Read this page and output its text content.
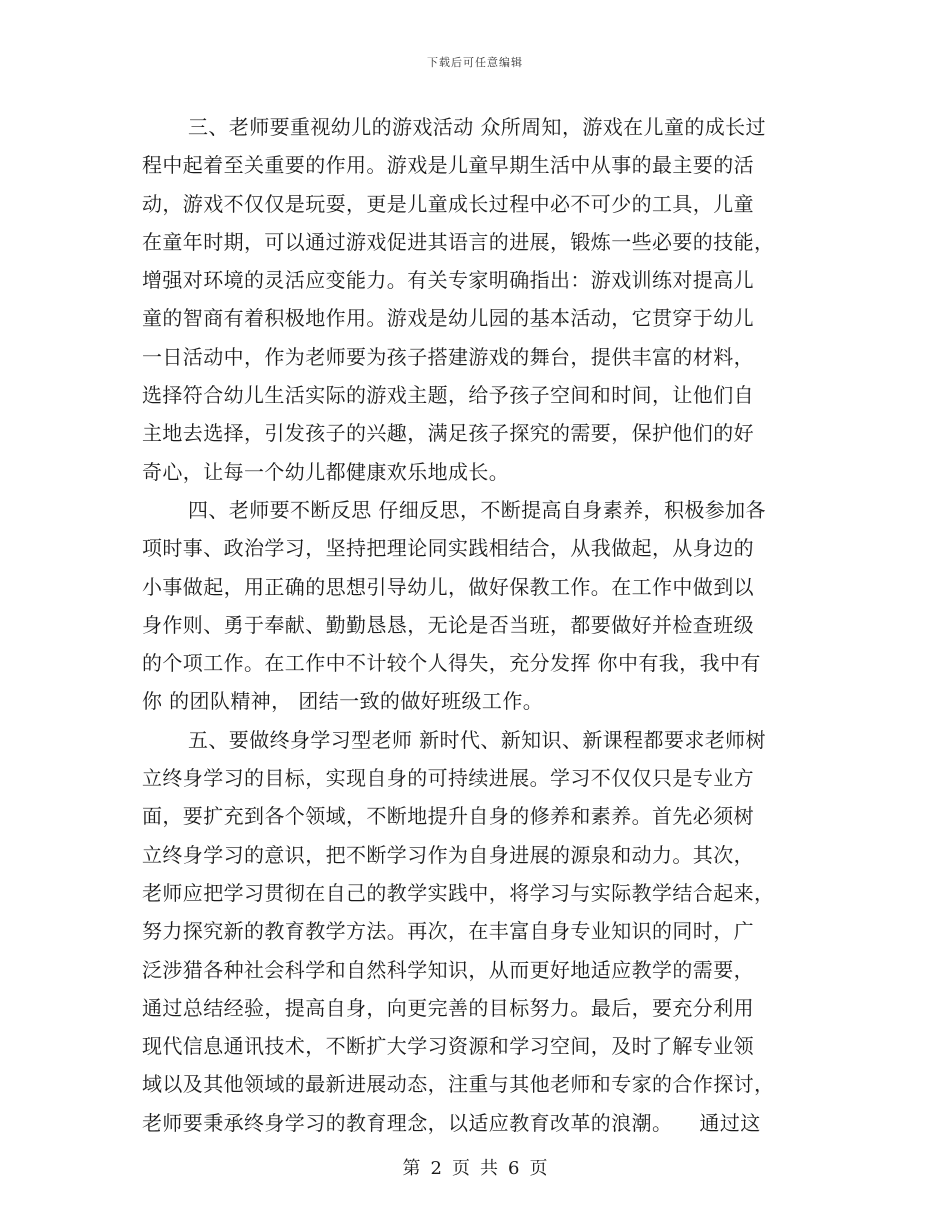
下载后可任意编辑
三、老师要重视幼儿的游戏活动 众所周知，游戏在儿童的成长过
程中起着至关重要的作用。游戏是儿童早期生活中从事的最主要的活
动，游戏不仅仅是玩耍，更是儿童成长过程中必不可少的工具，儿童
在童年时期，可以通过游戏促进其语言的进展，锻炼一些必要的技能，
增强对环境的灵活应变能力。有关专家明确指出：游戏训练对提高儿
童的智商有着积极地作用。游戏是幼儿园的基本活动，它贯穿于幼儿
一日活动中，作为老师要为孩子搭建游戏的舞台，提供丰富的材料，
选择符合幼儿生活实际的游戏主题，给予孩子空间和时间，让他们自
主地去选择，引发孩子的兴趣，满足孩子探究的需要，保护他们的好
奇心，让每一个幼儿都健康欢乐地成长。
四、老师要不断反思 仔细反思，不断提高自身素养，积极参加各
项时事、政治学习，坚持把理论同实践相结合，从我做起，从身边的
小事做起，用正确的思想引导幼儿，做好保教工作。在工作中做到以
身作则、勇于奉献、勤勤恳恳，无论是否当班，都要做好并检查班级
的个项工作。在工作中不计较个人得失，充分发挥 你中有我，我中有
你 的团队精神， 团结一致的做好班级工作。
五、要做终身学习型老师 新时代、新知识、新课程都要求老师树
立终身学习的目标，实现自身的可持续进展。学习不仅仅只是专业方
面，要扩充到各个领域，不断地提升自身的修养和素养。首先必须树
立终身学习的意识，把不断学习作为自身进展的源泉和动力。其次，
老师应把学习贯彻在自己的教学实践中，将学习与实际教学结合起来，
努力探究新的教育教学方法。再次，在丰富自身专业知识的同时，广
泛涉猎各种社会科学和自然科学知识，从而更好地适应教学的需要，
通过总结经验，提高自身，向更完善的目标努力。最后，要充分利用
现代信息通讯技术，不断扩大学习资源和学习空间，及时了解专业领
域以及其他领域的最新进展动态，注重与其他老师和专家的合作探讨，
老师要秉承终身学习的教育理念，以适应教育改革的浪潮。    通过这
第 2 页 共 6 页
